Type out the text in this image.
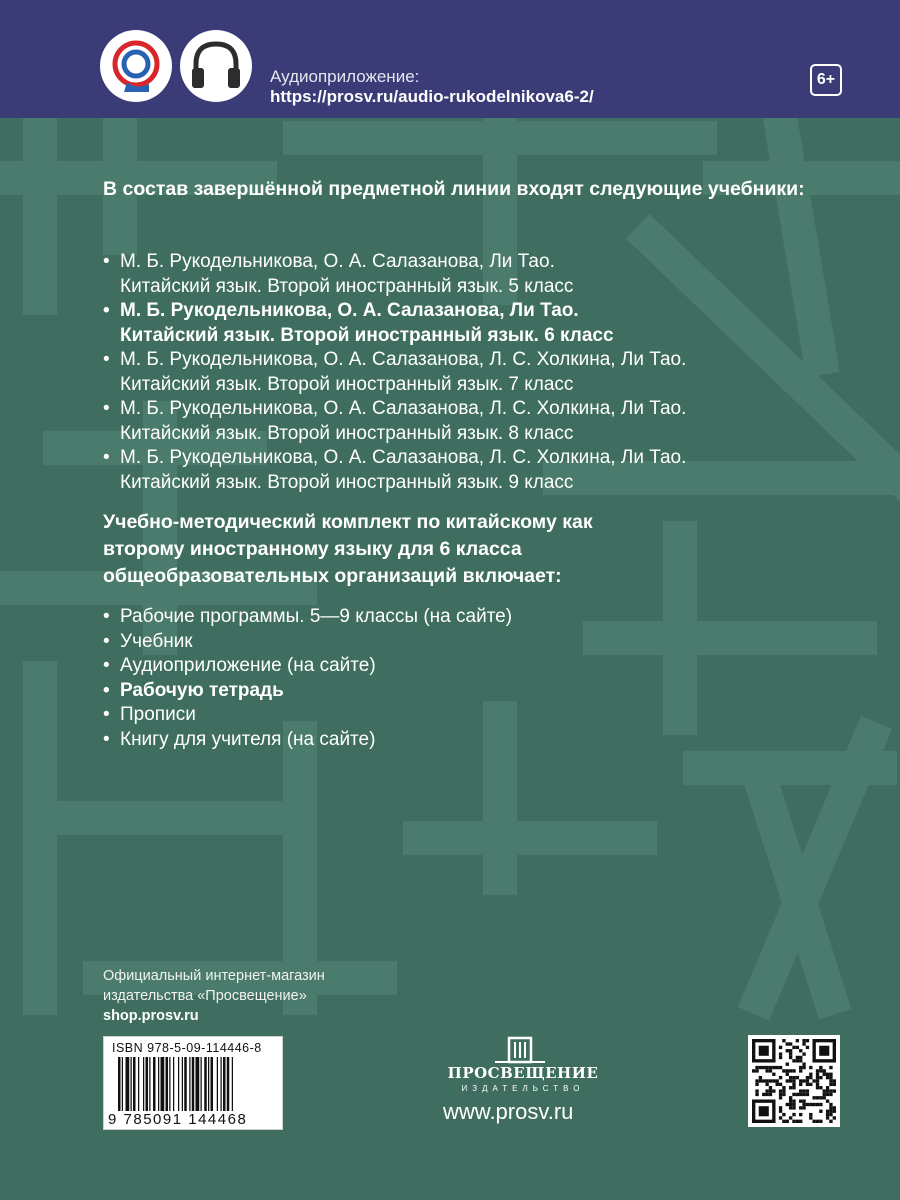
Аудиоприложение:
https://prosv.ru/audio-rukodelnikova6-2/
6+

В состав завершённой предметной линии входят следующие учебники:

• М. Б. Рукодельникова, О. А. Салазанова, Ли Тао.
Китайский язык. Второй иностранный язык. 5 класс
• М. Б. Рукодельникова, О. А. Салазанова, Ли Тао.
Китайский язык. Второй иностранный язык. 6 класс
• М. Б. Рукодельникова, О. А. Салазанова, Л. С. Холкина, Ли Тао.
Китайский язык. Второй иностранный язык. 7 класс
• М. Б. Рукодельникова, О. А. Салазанова, Л. С. Холкина, Ли Тао.
Китайский язык. Второй иностранный язык. 8 класс
• М. Б. Рукодельникова, О. А. Салазанова, Л. С. Холкина, Ли Тао.
Китайский язык. Второй иностранный язык. 9 класс

Учебно-методический комплект по китайскому как второму иностранному языку для 6 класса общеобразовательных организаций включает:

• Рабочие программы. 5—9 классы (на сайте)
• Учебник
• Аудиоприложение (на сайте)
• Рабочую тетрадь
• Прописи
• Книгу для учителя (на сайте)
Официальный интернет-магазин
издательства «Просвещение»
shop.prosv.ru
ISBN 978-5-09-114446-8
9 785091 144468
ПРОСВЕЩЕНИЕ
ИЗДАТЕЛЬСТВО
www.prosv.ru
